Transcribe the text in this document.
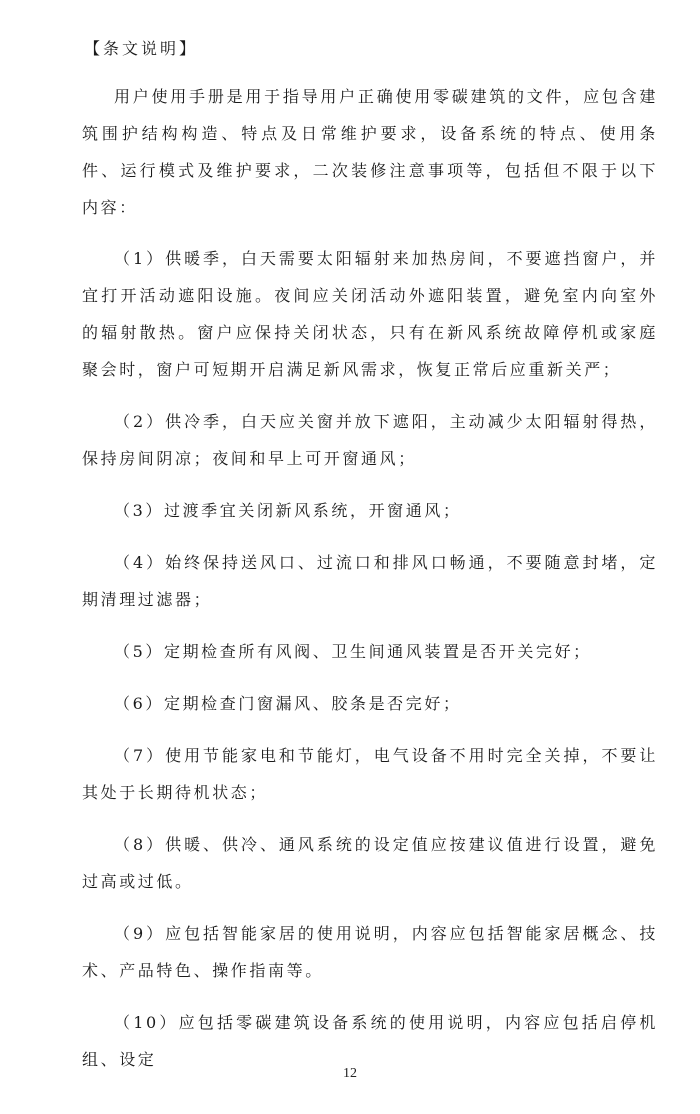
【条文说明】

用户使用手册是用于指导用户正确使用零碳建筑的文件，应包含建筑围护结构构造、特点及日常维护要求，设备系统的特点、使用条件、运行模式及维护要求，二次装修注意事项等，包括但不限于以下内容：

（1）供暖季，白天需要太阳辐射来加热房间，不要遮挡窗户，并宜打开活动遮阳设施。夜间应关闭活动外遮阳装置，避免室内向室外的辐射散热。窗户应保持关闭状态，只有在新风系统故障停机或家庭聚会时，窗户可短期开启满足新风需求，恢复正常后应重新关严；

（2）供冷季，白天应关窗并放下遮阳，主动减少太阳辐射得热，保持房间阴凉；夜间和早上可开窗通风；

（3）过渡季宜关闭新风系统，开窗通风；

（4）始终保持送风口、过流口和排风口畅通，不要随意封堵，定期清理过滤器；

（5）定期检查所有风阀、卫生间通风装置是否开关完好；

（6）定期检查门窗漏风、胶条是否完好；

（7）使用节能家电和节能灯，电气设备不用时完全关掉，不要让其处于长期待机状态；

（8）供暖、供冷、通风系统的设定值应按建议值进行设置，避免过高或过低。

（9）应包括智能家居的使用说明，内容应包括智能家居概念、技术、产品特色、操作指南等。

（10）应包括零碳建筑设备系统的使用说明，内容应包括启停机组、设定

12
